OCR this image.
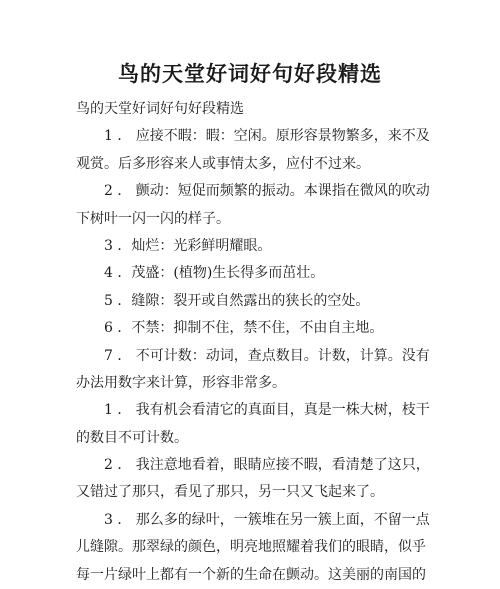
鸟的天堂好词好句好段精选
鸟的天堂好词好句好段精选
1 ． 应接不暇：暇：空闲。原形容景物繁多，来不及
观赏。后多形容来人或事情太多，应付不过来。
2 ． 颤动：短促而频繁的振动。本课指在微风的吹动
下树叶一闪一闪的样子。
3 ．灿烂：光彩鲜明耀眼。
4 ．茂盛：(植物)生长得多而茁壮。
5 ．缝隙：裂开或自然露出的狭长的空处。
6 ．不禁：抑制不住，禁不住，不由自主地。
7 ． 不可计数：动词，查点数目。计数，计算。没有
办法用数字来计算，形容非常多。
1 ． 我有机会看清它的真面目，真是一株大树，枝干
的数目不可计数。
2 ． 我注意地看着，眼睛应接不暇，看清楚了这只，
又错过了那只，看见了那只，另一只又飞起来了。
3 ． 那么多的绿叶，一簇堆在另一簇上面，不留一点
儿缝隙。那翠绿的颜色，明亮地照耀着我们的眼睛，似乎
每一片绿叶上都有一个新的生命在颤动。这美丽的南国的
